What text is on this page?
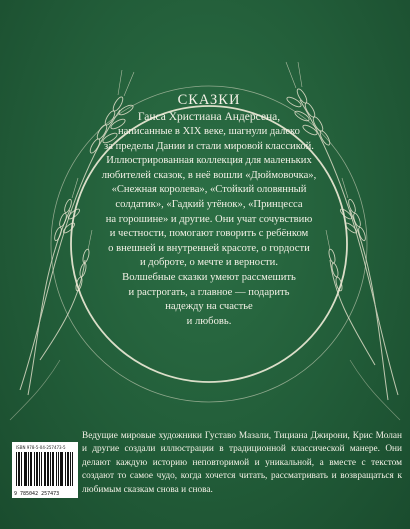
СКАЗКИ

Ганса Христиана Андерсена,

написанные в XIX веке, шагнули далеко
за пределы Дании и стали мировой классикой.
Иллюстрированная коллекция для маленьких
любителей сказок, в неё вошли «Дюймовочка»,
«Снежная королева», «Стойкий оловянный
солдатик», «Гадкий утёнок», «Принцесса
на горошине» и другие. Они учат сочувствию
и честности, помогают говорить с ребёнком
о внешней и внутренней красоте, о гордости
и доброте, о мечте и верности.
Волшебные сказки умеют рассмешить
и растрогать, а главное — подарить
надежду на счастье
и любовь.

ISBN 978-5-04-257473-5
9 785042 257473
Ведущие мировые художники Густаво Мазали, Тициана Джирони, Крис Молан и другие создали иллюстрации в традиционной классической манере. Они делают каждую историю неповторимой и уникальной, а вместе с текстом создают то самое чудо, когда хочется читать, рассматривать и возвращаться к любимым сказкам снова и снова.
